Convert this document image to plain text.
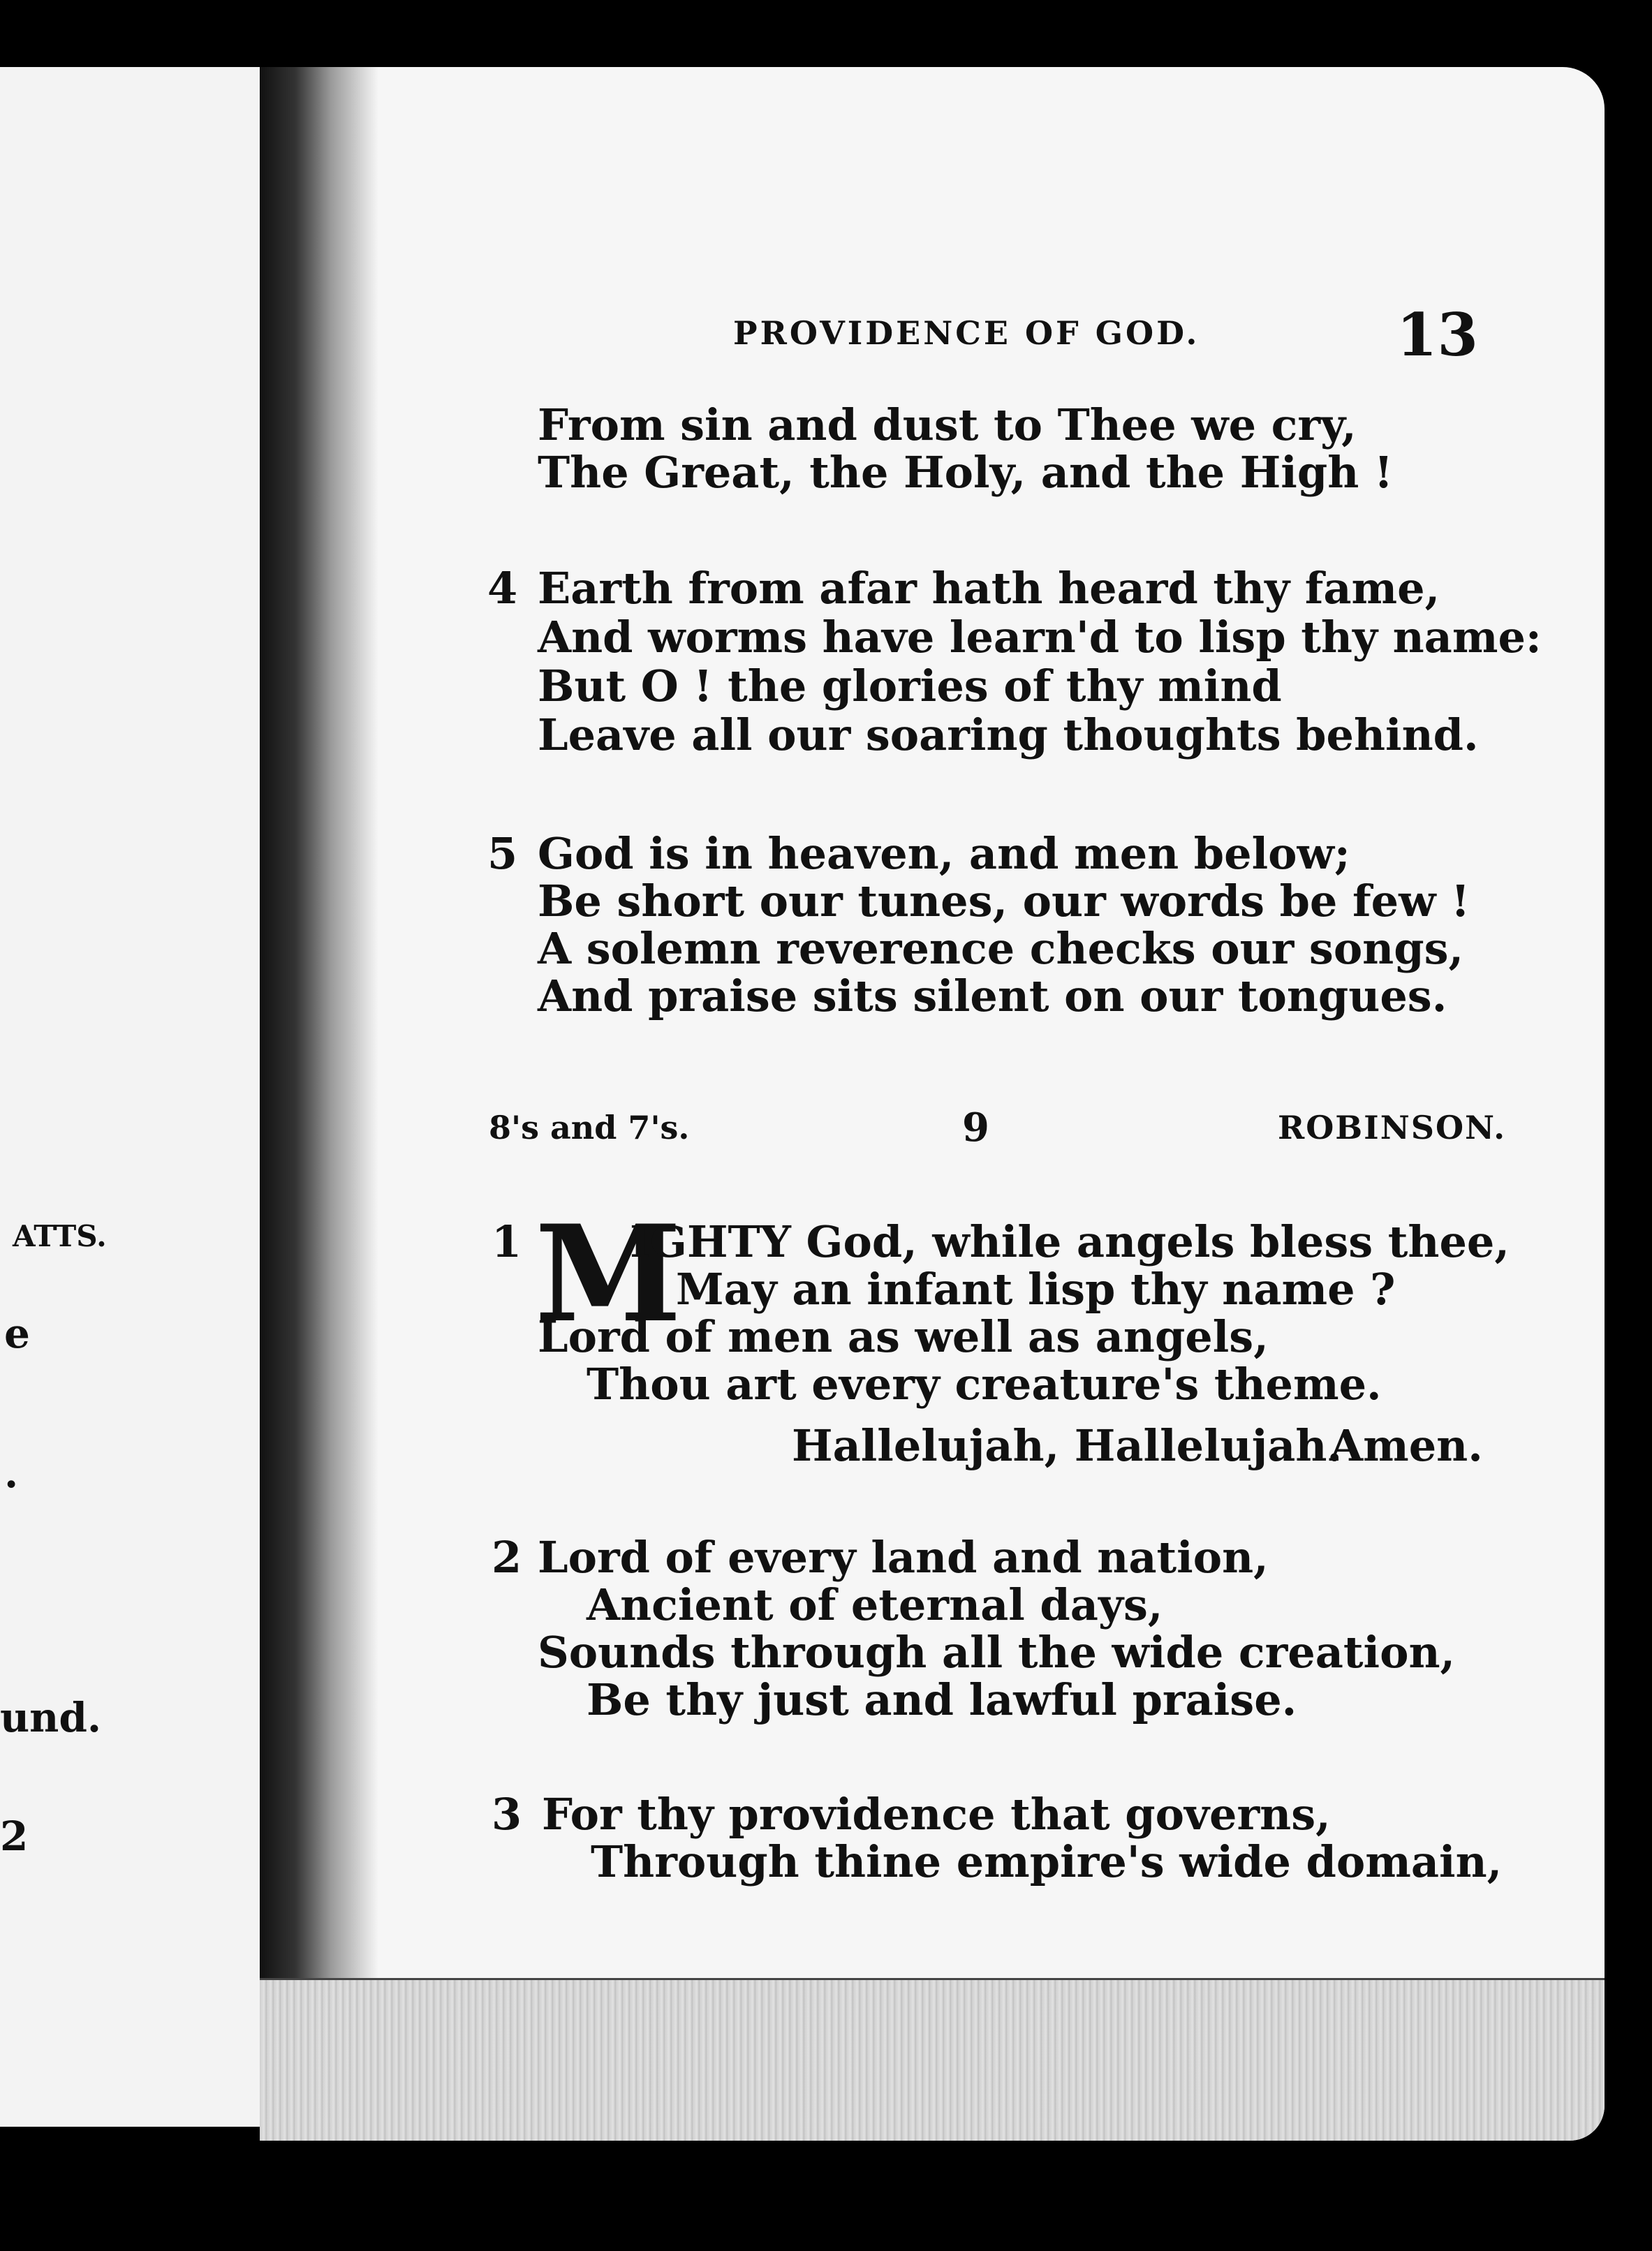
ATTS.
e
.
und.
2
PROVIDENCE OF GOD.	13
From sin and dust to Thee we cry,
The Great, the Holy, and the High !
4 Earth from afar hath heard thy fame,
And worms have learn'd to lisp thy name:
But O ! the glories of thy mind
Leave all our soaring thoughts behind.
5 God is in heaven, and men below;
Be short our tunes, our words be few !
A solemn reverence checks our songs,
And praise sits silent on our tongues.
8's and 7's.	9	ROBINSON.
1 M
IGHTY God, while angels bless thee,
May an infant lisp thy name ?
Lord of men as well as angels,
Thou art every creature's theme.
Hallelujah, Hallelujah.
Amen.
2 Lord of every land and nation,
Ancient of eternal days,
Sounds through all the wide creation,
Be thy just and lawful praise.
3 For thy providence that governs,
Through thine empire's wide domain,
